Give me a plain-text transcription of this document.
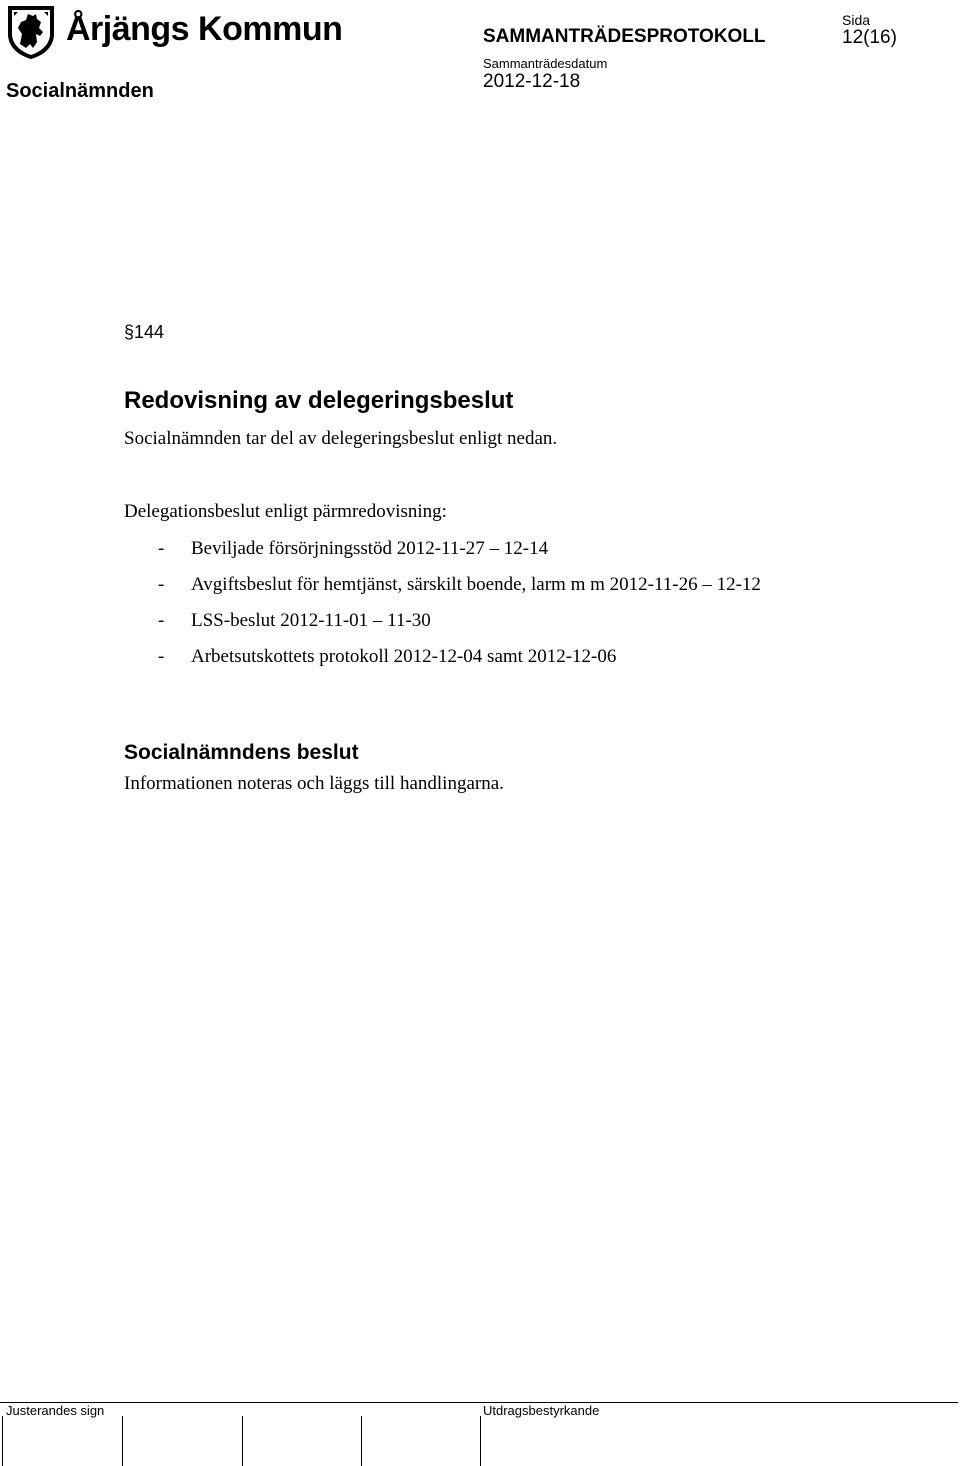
Årjängs Kommun
Socialnämnden
SAMMANTRÄDESPROTOKOLL
Sammanträdesdatum
2012-12-18
Sida
12(16)
§144
Redovisning av delegeringsbeslut
Socialnämnden tar del av delegeringsbeslut enligt nedan.
Delegationsbeslut enligt pärmredovisning:
- Beviljade försörjningsstöd 2012-11-27 – 12-14
- Avgiftsbeslut för hemtjänst, särskilt boende, larm m m 2012-11-26 – 12-12
- LSS-beslut 2012-11-01 – 11-30
- Arbetsutskottets protokoll 2012-12-04 samt 2012-12-06
Socialnämndens beslut
Informationen noteras och läggs till handlingarna.
Justerandes sign	Utdragsbestyrkande
